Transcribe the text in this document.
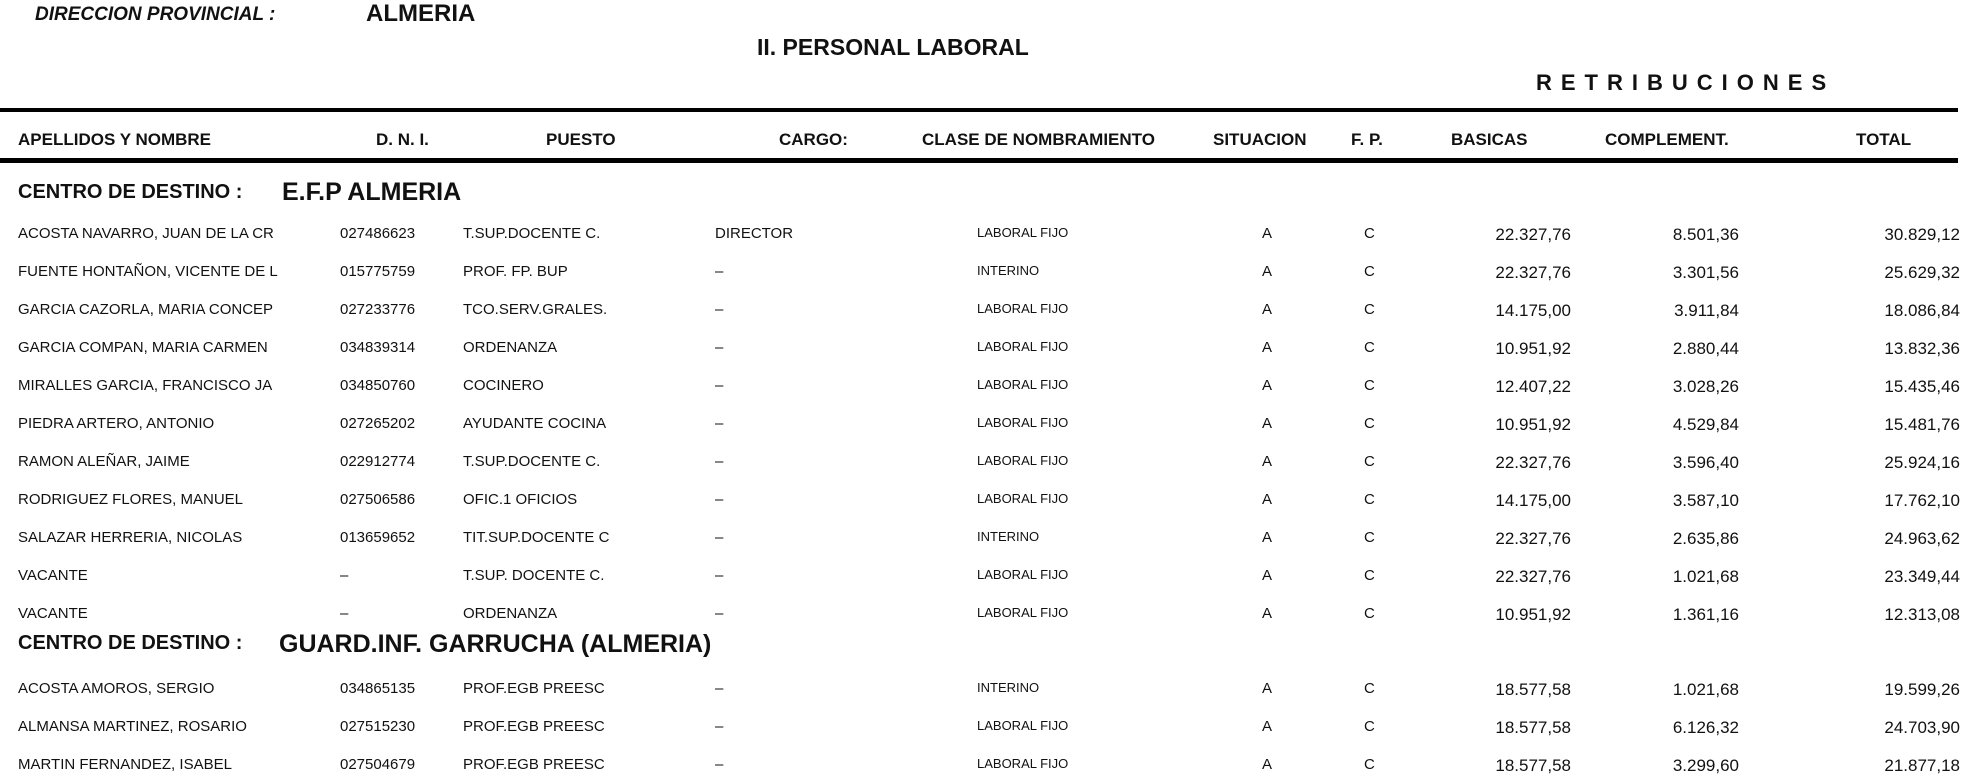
DIRECCION PROVINCIAL :	ALMERIA
II. PERSONAL LABORAL
RETRIBUCIONES
APELLIDOS Y NOMBRE	D. N. I.	PUESTO	CARGO:	CLASE DE NOMBRAMIENTO	SITUACION	F. P.	BASICAS	COMPLEMENT.	TOTAL
CENTRO DE DESTINO : E.F.P ALMERIA
ACOSTA NAVARRO, JUAN DE LA CR	027486623	T.SUP.DOCENTE C.	DIRECTOR	LABORAL FIJO	A	C	22.327,76	8.501,36	30.829,12
FUENTE HONTAÑON, VICENTE DE L	015775759	PROF. FP. BUP	–	INTERINO	A	C	22.327,76	3.301,56	25.629,32
GARCIA CAZORLA, MARIA CONCEP	027233776	TCO.SERV.GRALES.	–	LABORAL FIJO	A	C	14.175,00	3.911,84	18.086,84
GARCIA COMPAN, MARIA CARMEN	034839314	ORDENANZA	–	LABORAL FIJO	A	C	10.951,92	2.880,44	13.832,36
MIRALLES GARCIA, FRANCISCO JA	034850760	COCINERO	–	LABORAL FIJO	A	C	12.407,22	3.028,26	15.435,46
PIEDRA ARTERO, ANTONIO	027265202	AYUDANTE COCINA	–	LABORAL FIJO	A	C	10.951,92	4.529,84	15.481,76
RAMON ALEÑAR, JAIME	022912774	T.SUP.DOCENTE C.	–	LABORAL FIJO	A	C	22.327,76	3.596,40	25.924,16
RODRIGUEZ FLORES, MANUEL	027506586	OFIC.1 OFICIOS	–	LABORAL FIJO	A	C	14.175,00	3.587,10	17.762,10
SALAZAR HERRERIA, NICOLAS	013659652	TIT.SUP.DOCENTE C	–	INTERINO	A	C	22.327,76	2.635,86	24.963,62
VACANTE	–	T.SUP. DOCENTE C.	–	LABORAL FIJO	A	C	22.327,76	1.021,68	23.349,44
VACANTE	–	ORDENANZA	–	LABORAL FIJO	A	C	10.951,92	1.361,16	12.313,08
CENTRO DE DESTINO : GUARD.INF. GARRUCHA (ALMERIA)
ACOSTA AMOROS, SERGIO	034865135	PROF.EGB PREESC	–	INTERINO	A	C	18.577,58	1.021,68	19.599,26
ALMANSA MARTINEZ, ROSARIO	027515230	PROF.EGB PREESC	–	LABORAL FIJO	A	C	18.577,58	6.126,32	24.703,90
MARTIN FERNANDEZ, ISABEL	027504679	PROF.EGB PREESC	–	LABORAL FIJO	A	C	18.577,58	3.299,60	21.877,18
